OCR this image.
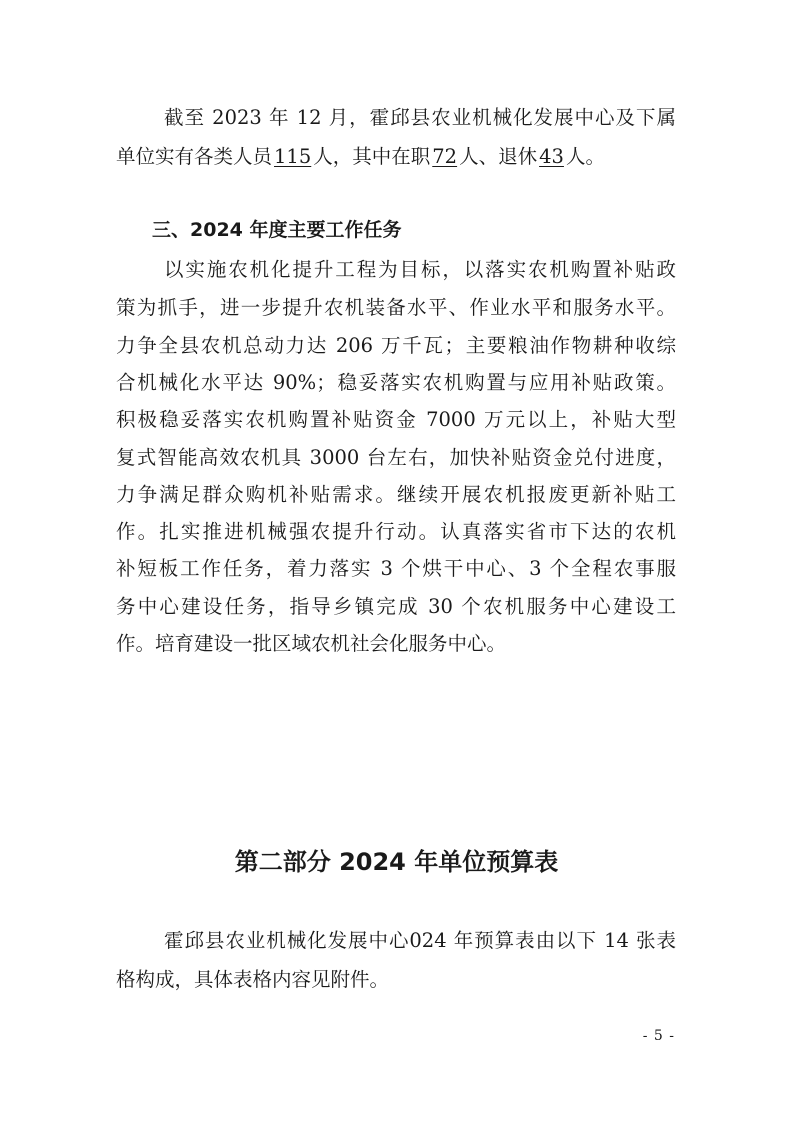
截至 2023 年 12 月，霍邱县农业机械化发展中心及下属
单位实有各类人员 115 人，其中在职 72 人、退休 43 人。
三、2024 年度主要工作任务
以实施农机化提升工程为目标，以落实农机购置补贴政
策为抓手，进一步提升农机装备水平、作业水平和服务水平。
力争全县农机总动力达 206 万千瓦；主要粮油作物耕种收综
合机械化水平达 90%；稳妥落实农机购置与应用补贴政策。
积极稳妥落实农机购置补贴资金 7000 万元以上，补贴大型
复式智能高效农机具 3000 台左右，加快补贴资金兑付进度，
力争满足群众购机补贴需求。继续开展农机报废更新补贴工
作。扎实推进机械强农提升行动。认真落实省市下达的农机
补短板工作任务，着力落实 3 个烘干中心、3 个全程农事服
务中心建设任务，指导乡镇完成 30 个农机服务中心建设工
作。培育建设一批区域农机社会化服务中心。
第二部分 2024 年单位预算表
霍邱县农业机械化发展中心024 年预算表由以下 14 张表
格构成，具体表格内容见附件。
- 5 -
